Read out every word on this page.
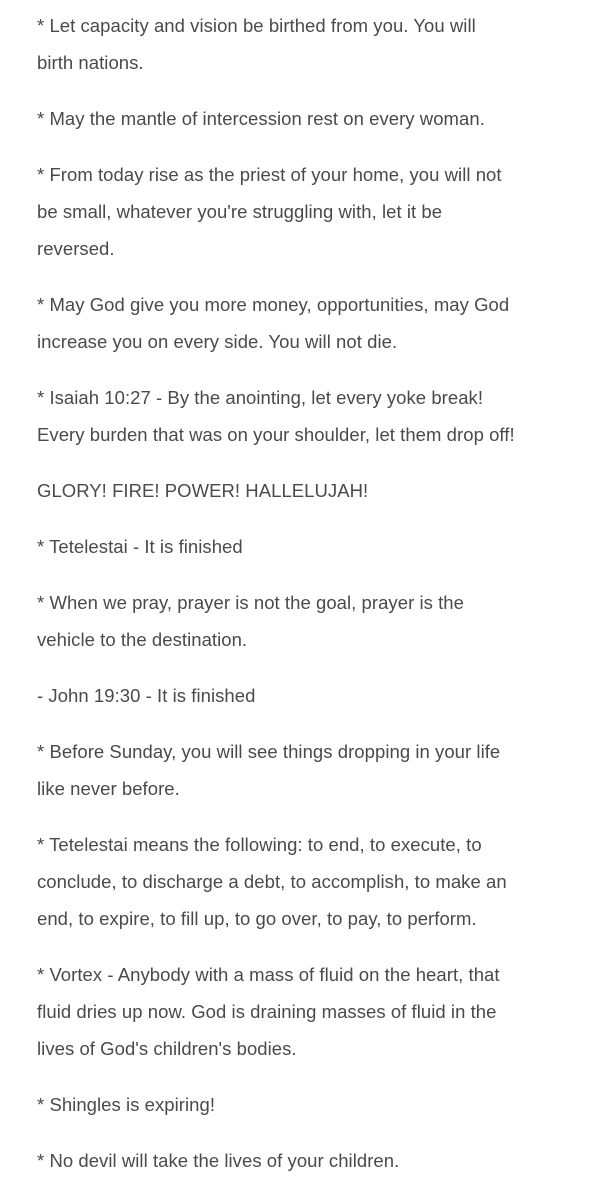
* Let capacity and vision be birthed from you. You will
birth nations.

* May the mantle of intercession rest on every woman.

* From today rise as the priest of your home, you will not
be small, whatever you're struggling with, let it be
reversed.

* May God give you more money, opportunities, may God
increase you on every side. You will not die.

* Isaiah 10:27 - By the anointing, let every yoke break!
Every burden that was on your shoulder, let them drop off!

GLORY! FIRE! POWER! HALLELUJAH!

* Tetelestai - It is finished

* When we pray, prayer is not the goal, prayer is the
vehicle to the destination.

- John 19:30 - It is finished

* Before Sunday, you will see things dropping in your life
like never before.

* Tetelestai means the following: to end, to execute, to
conclude, to discharge a debt, to accomplish, to make an
end, to expire, to fill up, to go over, to pay, to perform.

* Vortex - Anybody with a mass of fluid on the heart, that
fluid dries up now. God is draining masses of fluid in the
lives of God's children's bodies.

* Shingles is expiring!

* No devil will take the lives of your children.
